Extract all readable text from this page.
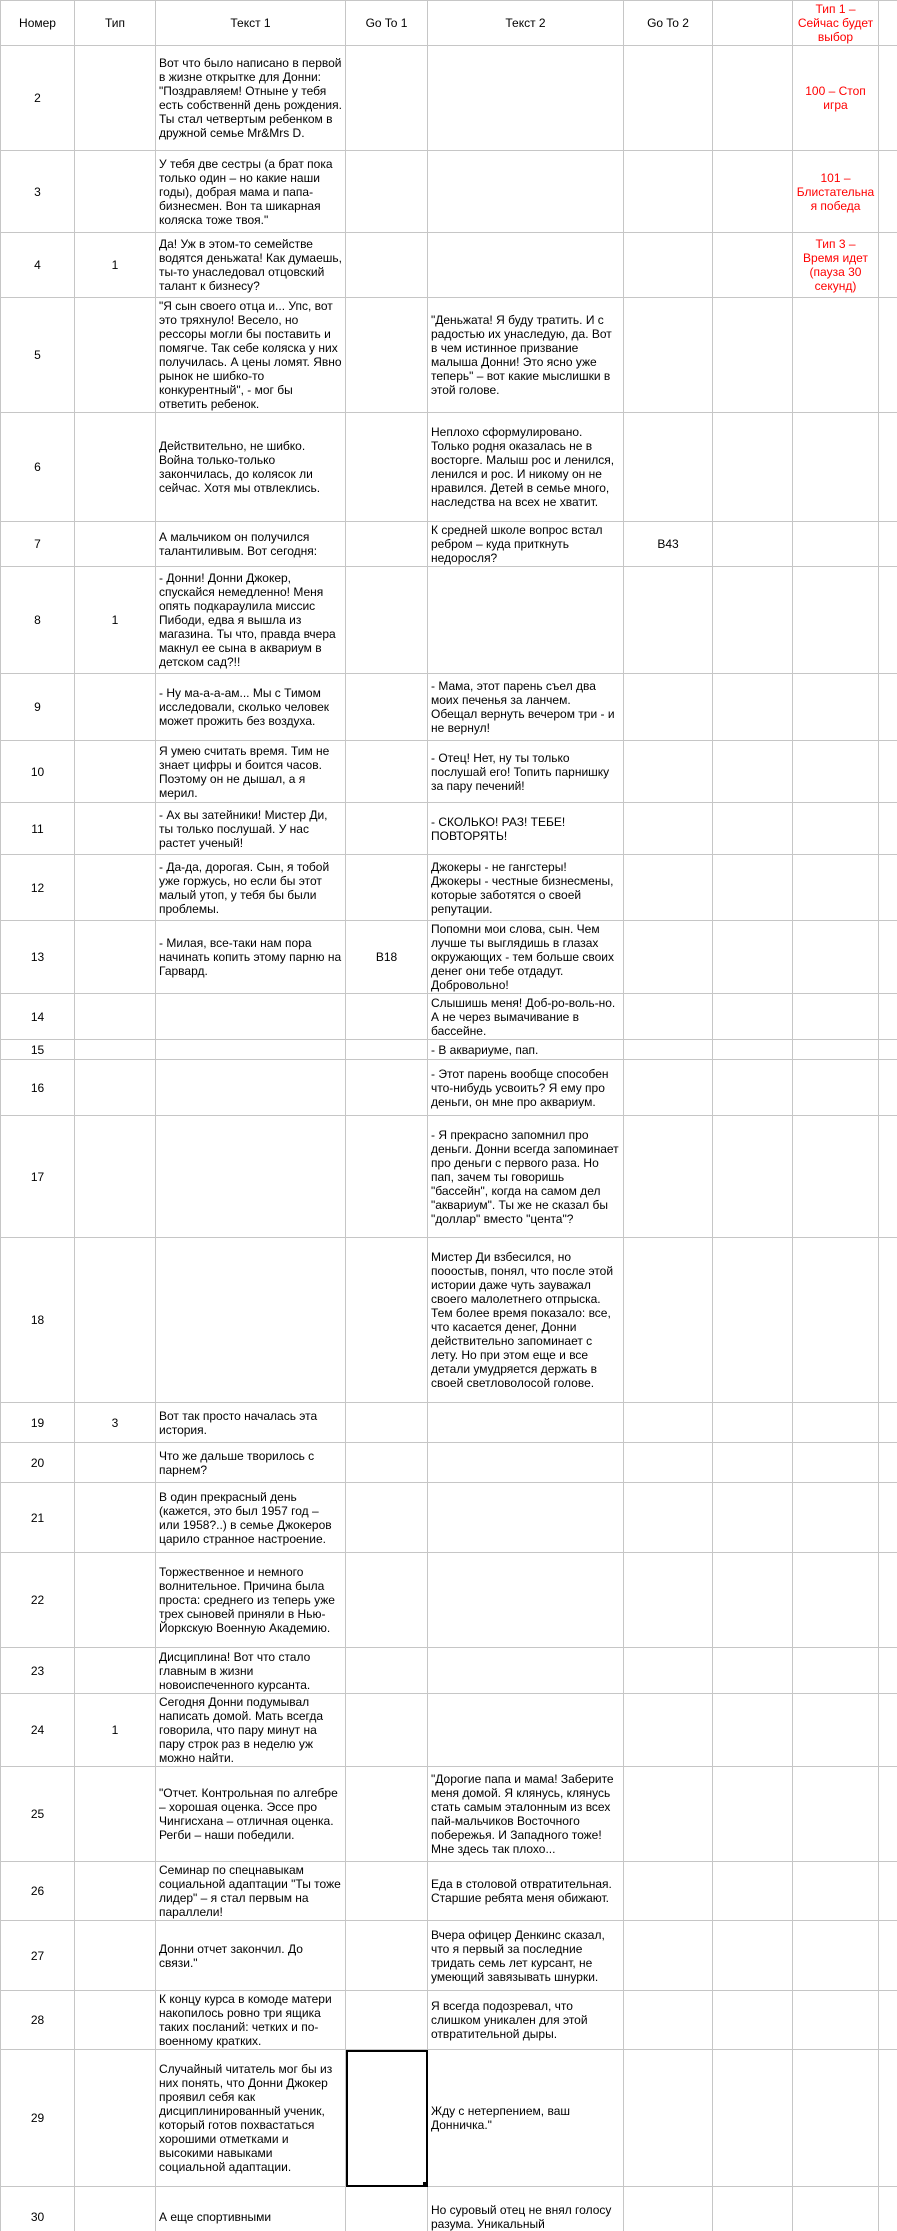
Номер	Тип	Текст 1	Go To 1	Текст 2	Go To 2		Тип 1 – Сейчас будет выбор	
2		Вот что было написано в первой в жизне открытке для Донни: "Поздравляем! Отныне у тебя есть собственнй день рождения. Ты стал четвертым ребенком в дружной семье Mr&Mrs D.					100 – Стоп игра	
3		У тебя две сестры (а брат пока только один – но какие наши годы), добрая мама и папа-бизнесмен. Вон та шикарная коляска тоже твоя."					101 – Блистательная победа	
4	1	Да! Уж в этом-то семействе водятся деньжата! Как думаешь, ты-то унаследовал отцовский талант к бизнесу?					Тип 3 – Время идет (пауза 30 секунд)	
5		"Я сын своего отца и... Упс, вот это тряхнуло! Весело, но рессоры могли бы поставить и помягче. Так себе коляска у них получилась. А цены ломят. Явно рынок не шибко-то конкурентный", - мог бы ответить ребенок.		"Деньжата! Я буду тратить. И с радостью их унаследую, да. Вот в чем истинное призвание малыша Донни! Это ясно уже теперь" – вот какие мыслишки в этой голове.				
6		Действительно, не шибко. Война только-только закончилась, до колясок ли сейчас. Хотя мы отвлеклись.		Неплохо сформулировано. Только родня оказалась не в восторге. Малыш рос и ленился, ленился и рос. И никому он не нравился. Детей в семье много, наследства на всех не хватит.				
7		А мальчиком он получился талантиливым. Вот сегодня:		К средней школе вопрос встал ребром – куда приткнуть недоросля?	В43			
8	1	- Донни! Донни Джокер, спускайся немедленно! Меня опять подкараулила миссис Пибоди, едва я вышла из магазина. Ты что, правда вчера макнул ее сына в аквариум в детском сад?!!						
9		- Ну ма-а-а-ам... Мы с Тимом исследовали, сколько человек может прожить без воздуха.		- Мама, этот парень съел два моих печенья за ланчем. Обещал вернуть вечером три - и не вернул!				
10		Я умею считать время. Тим не знает цифры и боится часов. Поэтому он не дышал, а я мерил.		- Отец! Нет, ну ты только послушай его! Топить парнишку за пару печений!				
11		- Ах вы затейники! Мистер Ди, ты только послушай. У нас растет ученый!		- СКОЛЬКО! РАЗ! ТЕБЕ! ПОВТОРЯТЬ!				
12		- Да-да, дорогая. Сын, я тобой уже горжусь, но если бы этот малый утоп, у тебя бы были проблемы.		Джокеры - не гангстеры! Джокеры - честные бизнесмены, которые заботятся о своей репутации.				
13		- Милая, все-таки нам пора начинать копить этому парню на Гарвард.	В18	Попомни мои слова, сын. Чем лучше ты выглядишь в глазах окружающих - тем больше своих денег они тебе отдадут. Добровольно!				
14				Слышишь меня! Доб-ро-воль-но. А не через вымачивание в бассейне.				
15				- В аквариуме, пап.				
16				- Этот парень вообще способен что-нибудь усвоить? Я ему про деньги, он мне про аквариум.				
17				- Я прекрасно запомнил про деньги. Донни всегда запоминает про деньги с первого раза. Но пап, зачем ты говоришь "бассейн", когда на самом дел "аквариум". Ты же не сказал бы "доллар" вместо "цента"?				
18				Мистер Ди взбесился, но пооостыв, понял, что после этой истории даже чуть зауважал своего малолетнего отпрыска. Тем более время показало: все, что касается денег, Донни действительно запоминает с лету. Но при этом еще и все детали умудряется держать в своей светловолосой голове.				
19	3	Вот так просто началась эта история.						
20		Что же дальше творилось с парнем?						
21		В один прекрасный день (кажется, это был 1957 год – или 1958?..) в семье Джокеров царило странное настроение.						
22		Торжественное и немного волнительное. Причина была проста: среднего из теперь уже трех сыновей приняли в Нью-Йоркскую Военную Академию.						
23		Дисциплина! Вот что стало главным в жизни новоиспеченного курсанта.						
24	1	Сегодня Донни подумывал написать домой. Мать всегда говорила, что пару минут на пару строк раз в неделю уж можно найти.						
25		"Отчет. Контрольная по алгебре – хорошая оценка. Эссе про Чингисхана – отличная оценка. Регби – наши победили.		"Дорогие папа и мама! Заберите меня домой. Я клянусь, клянусь стать самым эталонным из всех пай-мальчиков Восточного побережья. И Западного тоже! Мне здесь так плохо...				
26		Семинар по спецнавыкам социальной адаптации "Ты тоже лидер" – я стал первым на параллели!		Еда в столовой отвратительная. Старшие ребята меня обижают.				
27		Донни отчет закончил. До связи."		Вчера офицер Денкинс сказал, что я первый за последние тридать семь лет курсант, не умеющий завязывать шнурки.				
28		К концу курса в комоде матери накопилось ровно три ящика таких посланий: четких и по-военному кратких.		Я всегда подозревал, что слишком уникален для этой отвратительной дыры.				
29		Случайный читатель мог бы из них понять, что Донни Джокер проявил себя как дисциплинированный ученик, который готов похвастаться хорошими отметками и высокими навыками социальной адаптации.		Жду с нетерпением, ваш Донничка."				
30		А еще спортивными		Но суровый отец не внял голосу разума. Уникальный				
